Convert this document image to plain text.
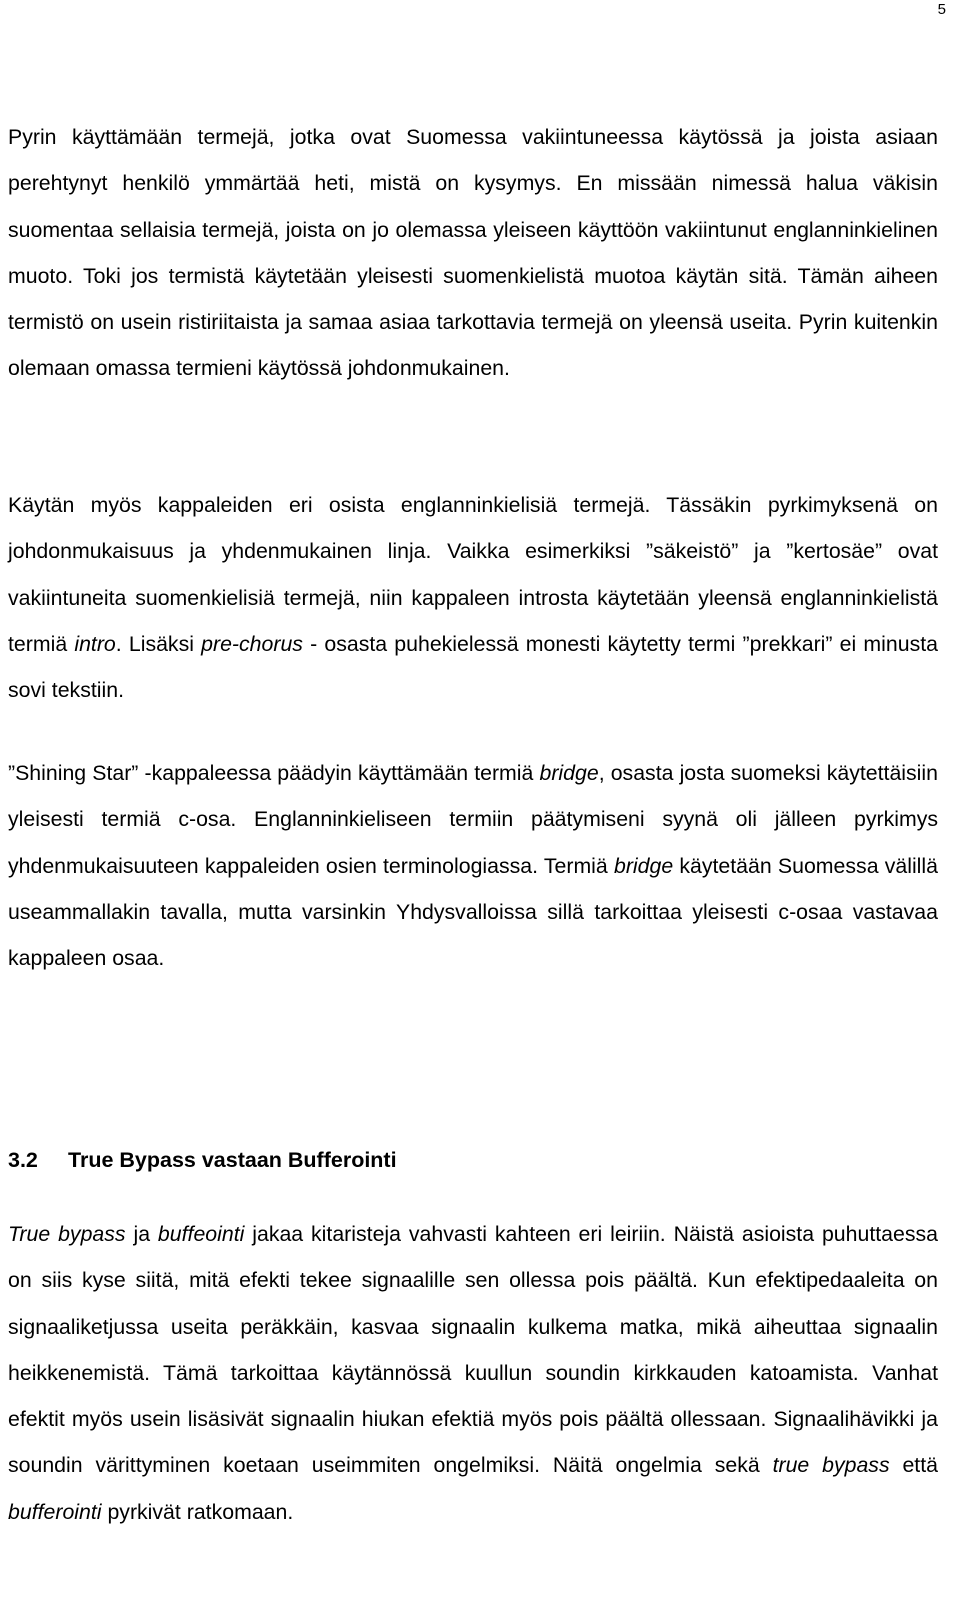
5

Pyrin käyttämään termejä, jotka ovat Suomessa vakiintuneessa käytössä ja joista asiaan perehtynyt henkilö ymmärtää heti, mistä on kysymys. En missään nimessä halua väkisin suomentaa sellaisia termejä, joista on jo olemassa yleiseen käyttöön vakiintunut englanninkielinen muoto. Toki jos termistä käytetään yleisesti suomenkielistä muotoa käytän sitä. Tämän aiheen termistö on usein ristiriitaista ja samaa asiaa tarkottavia termejä on yleensä useita. Pyrin kuitenkin olemaan omassa termieni käytössä johdonmukainen.

Käytän myös kappaleiden eri osista englanninkielisiä termejä. Tässäkin pyrkimyksenä on johdonmukaisuus ja yhdenmukainen linja. Vaikka esimerkiksi ”säkeistö” ja ”kertosäe” ovat vakiintuneita suomenkielisiä termejä, niin kappaleen introsta käytetään yleensä englanninkielistä termiä intro. Lisäksi pre-chorus - osasta puhekielessä monesti käytetty termi ”prekkari” ei minusta sovi tekstiin.

”Shining Star” -kappaleessa päädyin käyttämään termiä bridge, osasta josta suomeksi käytettäisiin yleisesti termiä c-osa. Englanninkieliseen termiin päätymiseni syynä oli jälleen pyrkimys yhdenmukaisuuteen kappaleiden osien terminologiassa. Termiä bridge käytetään Suomessa välillä useammallakin tavalla, mutta varsinkin Yhdysvalloissa sillä tarkoittaa yleisesti c-osaa vastavaa kappaleen osaa.

3.2 True Bypass vastaan Bufferointi

True bypass ja buffeointi jakaa kitaristeja vahvasti kahteen eri leiriin. Näistä asioista puhuttaessa on siis kyse siitä, mitä efekti tekee signaalille sen ollessa pois päältä. Kun efektipedaaleita on signaaliketjussa useita peräkkäin, kasvaa signaalin kulkema matka, mikä aiheuttaa signaalin heikkenemistä. Tämä tarkoittaa käytännössä kuullun soundin kirkkauden katoamista. Vanhat efektit myös usein lisäsivät signaalin hiukan efektiä myös pois päältä ollessaan. Signaalihävikki ja soundin värittyminen koetaan useimmiten ongelmiksi. Näitä ongelmia sekä true bypass että bufferointi pyrkivät ratkomaan.
